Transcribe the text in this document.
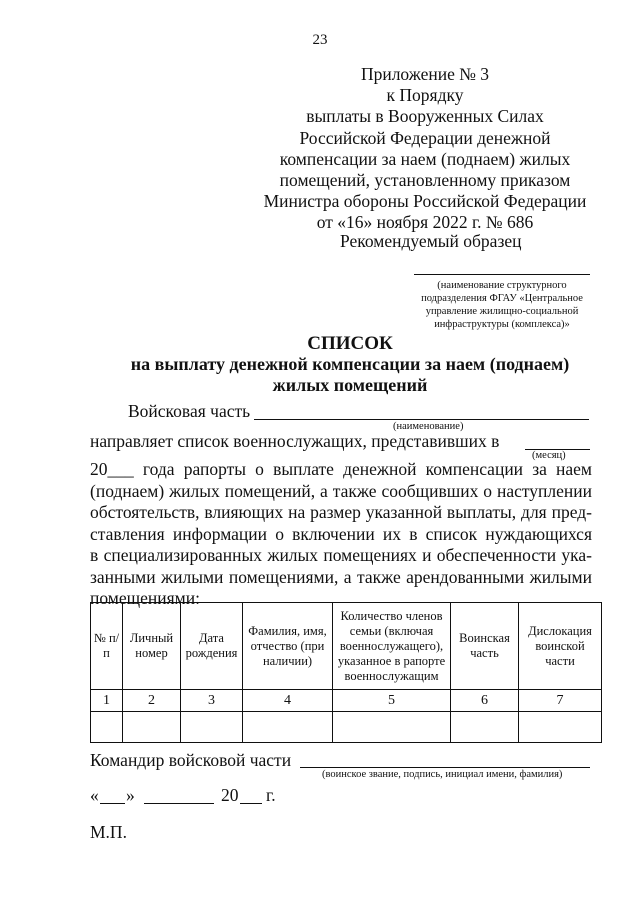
23
Приложение № 3
к Порядку
выплаты в Вооруженных Силах
Российской Федерации денежной
компенсации за наем (поднаем) жилых
помещений, установленному приказом
Министра обороны Российской Федерации
от «16» ноября 2022 г. № 686
Рекомендуемый образец
(наименование структурного
подразделения ФГАУ «Центральное
управление жилищно-социальной
инфраструктуры (комплекса)»
СПИСОК
на выплату денежной компенсации за наем (поднаем)
жилых помещений
Войсковая часть
(наименование)
направляет список военнослужащих, представивших в
(месяц)
20___ года рапорты о выплате денежной компенсации за наем
(поднаем) жилых помещений, а также сообщивших о наступлении
обстоятельств, влияющих на размер указанной выплаты, для пред-
ставления информации о включении их в список нуждающихся
в специализированных жилых помещениях и обеспеченности ука-
занными жилыми помещениями, а также арендованными жилыми
помещениями:
№ п/п	Личный номер	Дата рождения	Фамилия, имя, отчество (при наличии)	Количество членов семьи (включая военнослужащего), указанное в рапорте военнослужащим	Воинская часть	Дислокация воинской части
1	2	3	4	5	6	7

Командир войсковой части
(воинское звание, подпись, инициал имени, фамилия)
« »	20 г.
М.П.
